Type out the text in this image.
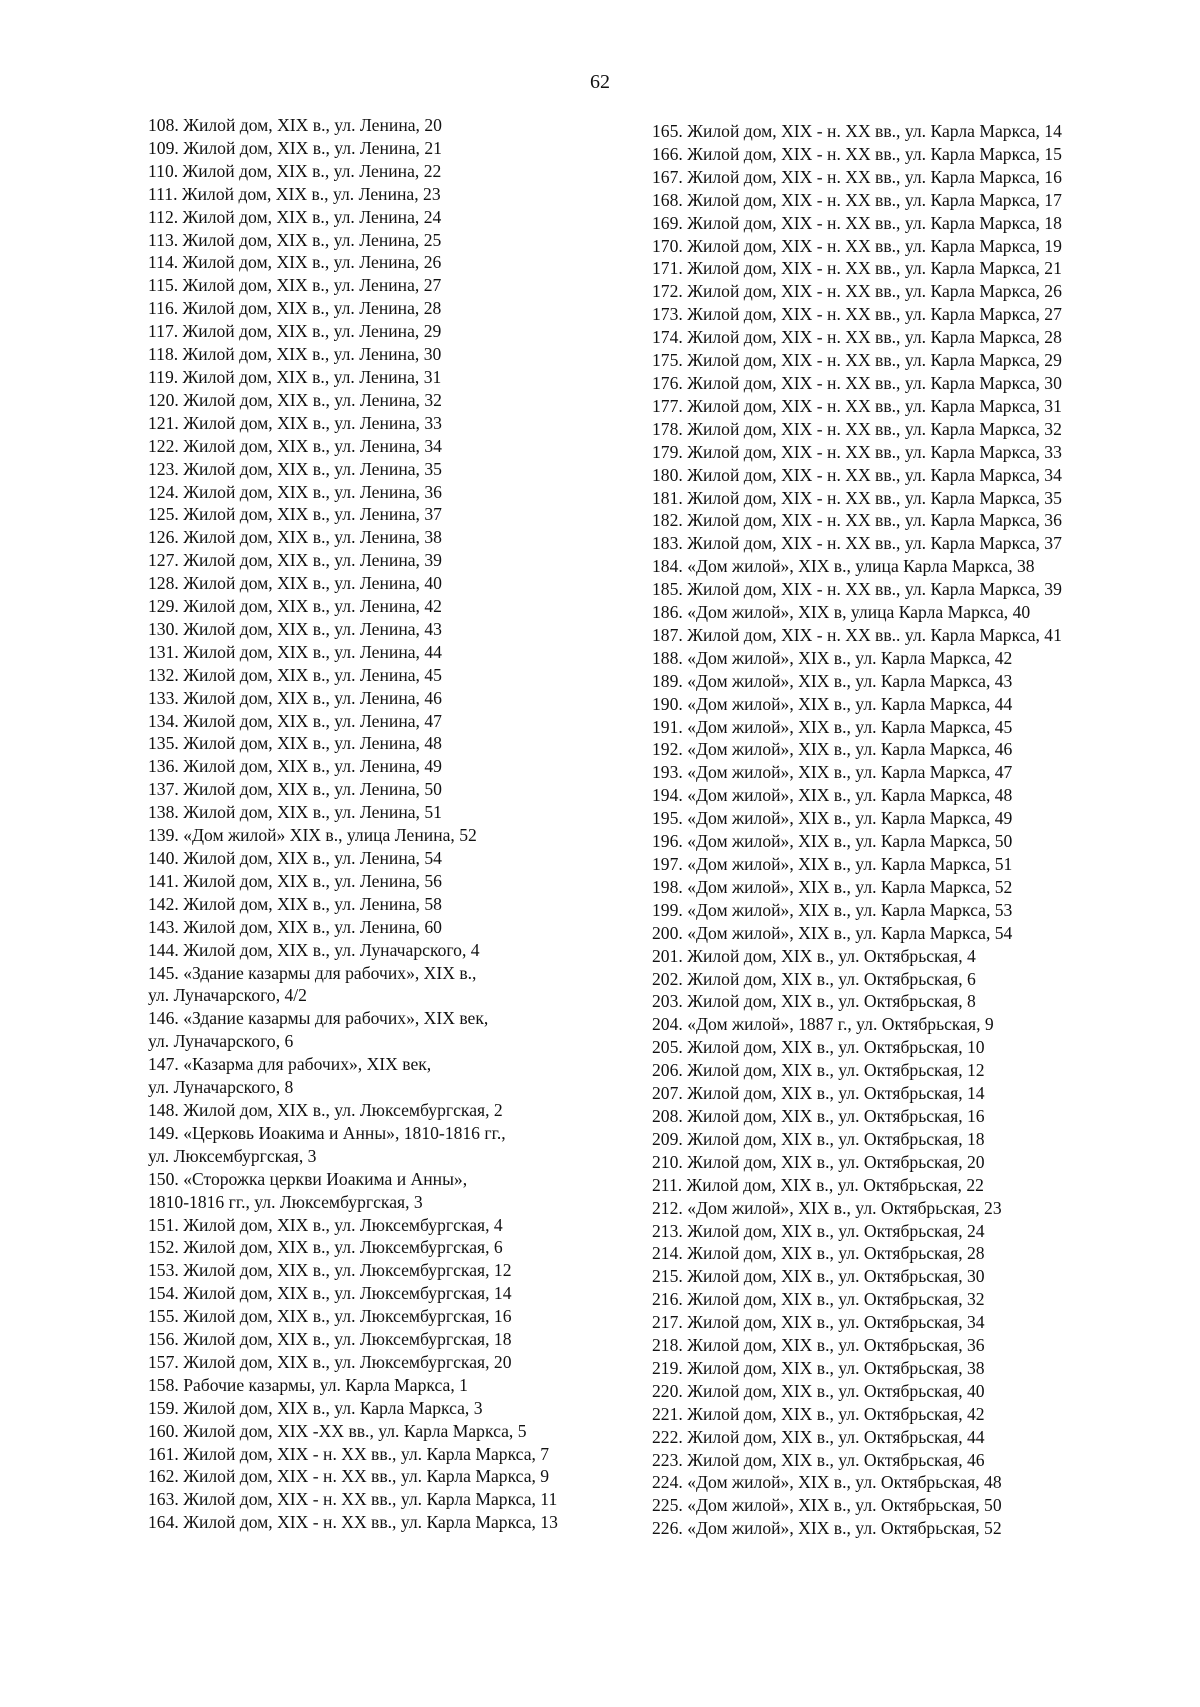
62
108. Жилой дом, XIX в., ул. Ленина, 20
109. Жилой дом, XIX в., ул. Ленина, 21
110. Жилой дом, XIX в., ул. Ленина, 22
111. Жилой дом, XIX в., ул. Ленина, 23
112. Жилой дом, XIX в., ул. Ленина, 24
113. Жилой дом, XIX в., ул. Ленина, 25
114. Жилой дом, XIX в., ул. Ленина, 26
115. Жилой дом, XIX в., ул. Ленина, 27
116. Жилой дом, XIX в., ул. Ленина, 28
117. Жилой дом, XIX в., ул. Ленина, 29
118. Жилой дом, XIX в., ул. Ленина, 30
119. Жилой дом, XIX в., ул. Ленина, 31
120. Жилой дом, XIX в., ул. Ленина, 32
121. Жилой дом, XIX в., ул. Ленина, 33
122. Жилой дом, XIX в., ул. Ленина, 34
123. Жилой дом, XIX в., ул. Ленина, 35
124. Жилой дом, XIX в., ул. Ленина, 36
125. Жилой дом, XIX в., ул. Ленина, 37
126. Жилой дом, XIX в., ул. Ленина, 38
127. Жилой дом, XIX в., ул. Ленина, 39
128. Жилой дом, XIX в., ул. Ленина, 40
129. Жилой дом, XIX в., ул. Ленина, 42
130. Жилой дом, XIX в., ул. Ленина, 43
131. Жилой дом, XIX в., ул. Ленина, 44
132. Жилой дом, XIX в., ул. Ленина, 45
133. Жилой дом, XIX в., ул. Ленина, 46
134. Жилой дом, XIX в., ул. Ленина, 47
135. Жилой дом, XIX в., ул. Ленина, 48
136. Жилой дом, XIX в., ул. Ленина, 49
137. Жилой дом, XIX в., ул. Ленина, 50
138. Жилой дом, XIX в., ул. Ленина, 51
139. «Дом жилой» XIX в., улица Ленина, 52
140. Жилой дом, XIX в., ул. Ленина, 54
141. Жилой дом, XIX в., ул. Ленина, 56
142. Жилой дом, XIX в., ул. Ленина, 58
143. Жилой дом, XIX в., ул. Ленина, 60
144. Жилой дом, XIX в., ул. Луначарского, 4
145. «Здание казармы для рабочих», XIX в.,
ул. Луначарского, 4/2
146. «Здание казармы для рабочих», XIX век,
ул. Луначарского, 6
147. «Казарма для рабочих», XIX век,
ул. Луначарского, 8
148. Жилой дом, XIX в., ул. Люксембургская, 2
149. «Церковь Иоакима и Анны», 1810-1816 гг.,
ул. Люксембургская, 3
150. «Сторожка церкви Иоакима и Анны»,
1810-1816 гг., ул. Люксембургская, 3
151. Жилой дом, XIX в., ул. Люксембургская, 4
152. Жилой дом, XIX в., ул. Люксембургская, 6
153. Жилой дом, XIX в., ул. Люксембургская, 12
154. Жилой дом, XIX в., ул. Люксембургская, 14
155. Жилой дом, XIX в., ул. Люксембургская, 16
156. Жилой дом, XIX в., ул. Люксембургская, 18
157. Жилой дом, XIX в., ул. Люксембургская, 20
158. Рабочие казармы, ул. Карла Маркса, 1
159. Жилой дом, XIX в., ул. Карла Маркса, 3
160. Жилой дом, XIX -XX вв., ул. Карла Маркса, 5
161. Жилой дом, XIX - н. XX вв., ул. Карла Маркса, 7
162. Жилой дом, XIX - н. XX вв., ул. Карла Маркса, 9
163. Жилой дом, XIX - н. XX вв., ул. Карла Маркса, 11
164. Жилой дом, XIX - н. XX вв., ул. Карла Маркса, 13
165. Жилой дом, XIX - н. XX вв., ул. Карла Маркса, 14
166. Жилой дом, XIX - н. XX вв., ул. Карла Маркса, 15
167. Жилой дом, XIX - н. XX вв., ул. Карла Маркса, 16
168. Жилой дом, XIX - н. XX вв., ул. Карла Маркса, 17
169. Жилой дом, XIX - н. XX вв., ул. Карла Маркса, 18
170. Жилой дом, XIX - н. XX вв., ул. Карла Маркса, 19
171. Жилой дом, XIX - н. XX вв., ул. Карла Маркса, 21
172. Жилой дом, XIX - н. XX вв., ул. Карла Маркса, 26
173. Жилой дом, XIX - н. XX вв., ул. Карла Маркса, 27
174. Жилой дом, XIX - н. XX вв., ул. Карла Маркса, 28
175. Жилой дом, XIX - н. XX вв., ул. Карла Маркса, 29
176. Жилой дом, XIX - н. XX вв., ул. Карла Маркса, 30
177. Жилой дом, XIX - н. XX вв., ул. Карла Маркса, 31
178. Жилой дом, XIX - н. XX вв., ул. Карла Маркса, 32
179. Жилой дом, XIX - н. XX вв., ул. Карла Маркса, 33
180. Жилой дом, XIX - н. XX вв., ул. Карла Маркса, 34
181. Жилой дом, XIX - н. XX вв., ул. Карла Маркса, 35
182. Жилой дом, XIX - н. XX вв., ул. Карла Маркса, 36
183. Жилой дом, XIX - н. XX вв., ул. Карла Маркса, 37
184. «Дом жилой», XIX в., улица Карла Маркса, 38
185. Жилой дом, XIX - н. XX вв., ул. Карла Маркса, 39
186. «Дом жилой», XIX в, улица Карла Маркса, 40
187. Жилой дом, XIX - н. XX вв.. ул. Карла Маркса, 41
188. «Дом жилой», XIX в., ул. Карла Маркса, 42
189. «Дом жилой», XIX в., ул. Карла Маркса, 43
190. «Дом жилой», XIX в., ул. Карла Маркса, 44
191. «Дом жилой», XIX в., ул. Карла Маркса, 45
192. «Дом жилой», XIX в., ул. Карла Маркса, 46
193. «Дом жилой», XIX в., ул. Карла Маркса, 47
194. «Дом жилой», XIX в., ул. Карла Маркса, 48
195. «Дом жилой», XIX в., ул. Карла Маркса, 49
196. «Дом жилой», XIX в., ул. Карла Маркса, 50
197. «Дом жилой», XIX в., ул. Карла Маркса, 51
198. «Дом жилой», XIX в., ул. Карла Маркса, 52
199. «Дом жилой», XIX в., ул. Карла Маркса, 53
200. «Дом жилой», XIX в., ул. Карла Маркса, 54
201. Жилой дом, XIX в., ул. Октябрьская, 4
202. Жилой дом, XIX в., ул. Октябрьская, 6
203. Жилой дом, XIX в., ул. Октябрьская, 8
204. «Дом жилой», 1887 г., ул. Октябрьская, 9
205. Жилой дом, XIX в., ул. Октябрьская, 10
206. Жилой дом, XIX в., ул. Октябрьская, 12
207. Жилой дом, XIX в., ул. Октябрьская, 14
208. Жилой дом, XIX в., ул. Октябрьская, 16
209. Жилой дом, XIX в., ул. Октябрьская, 18
210. Жилой дом, XIX в., ул. Октябрьская, 20
211. Жилой дом, XIX в., ул. Октябрьская, 22
212. «Дом жилой», XIX в., ул. Октябрьская, 23
213. Жилой дом, XIX в., ул. Октябрьская, 24
214. Жилой дом, XIX в., ул. Октябрьская, 28
215. Жилой дом, XIX в., ул. Октябрьская, 30
216. Жилой дом, XIX в., ул. Октябрьская, 32
217. Жилой дом, XIX в., ул. Октябрьская, 34
218. Жилой дом, XIX в., ул. Октябрьская, 36
219. Жилой дом, XIX в., ул. Октябрьская, 38
220. Жилой дом, XIX в., ул. Октябрьская, 40
221. Жилой дом, XIX в., ул. Октябрьская, 42
222. Жилой дом, XIX в., ул. Октябрьская, 44
223. Жилой дом, XIX в., ул. Октябрьская, 46
224. «Дом жилой», XIX в., ул. Октябрьская, 48
225. «Дом жилой», XIX в., ул. Октябрьская, 50
226. «Дом жилой», XIX в., ул. Октябрьская, 52
